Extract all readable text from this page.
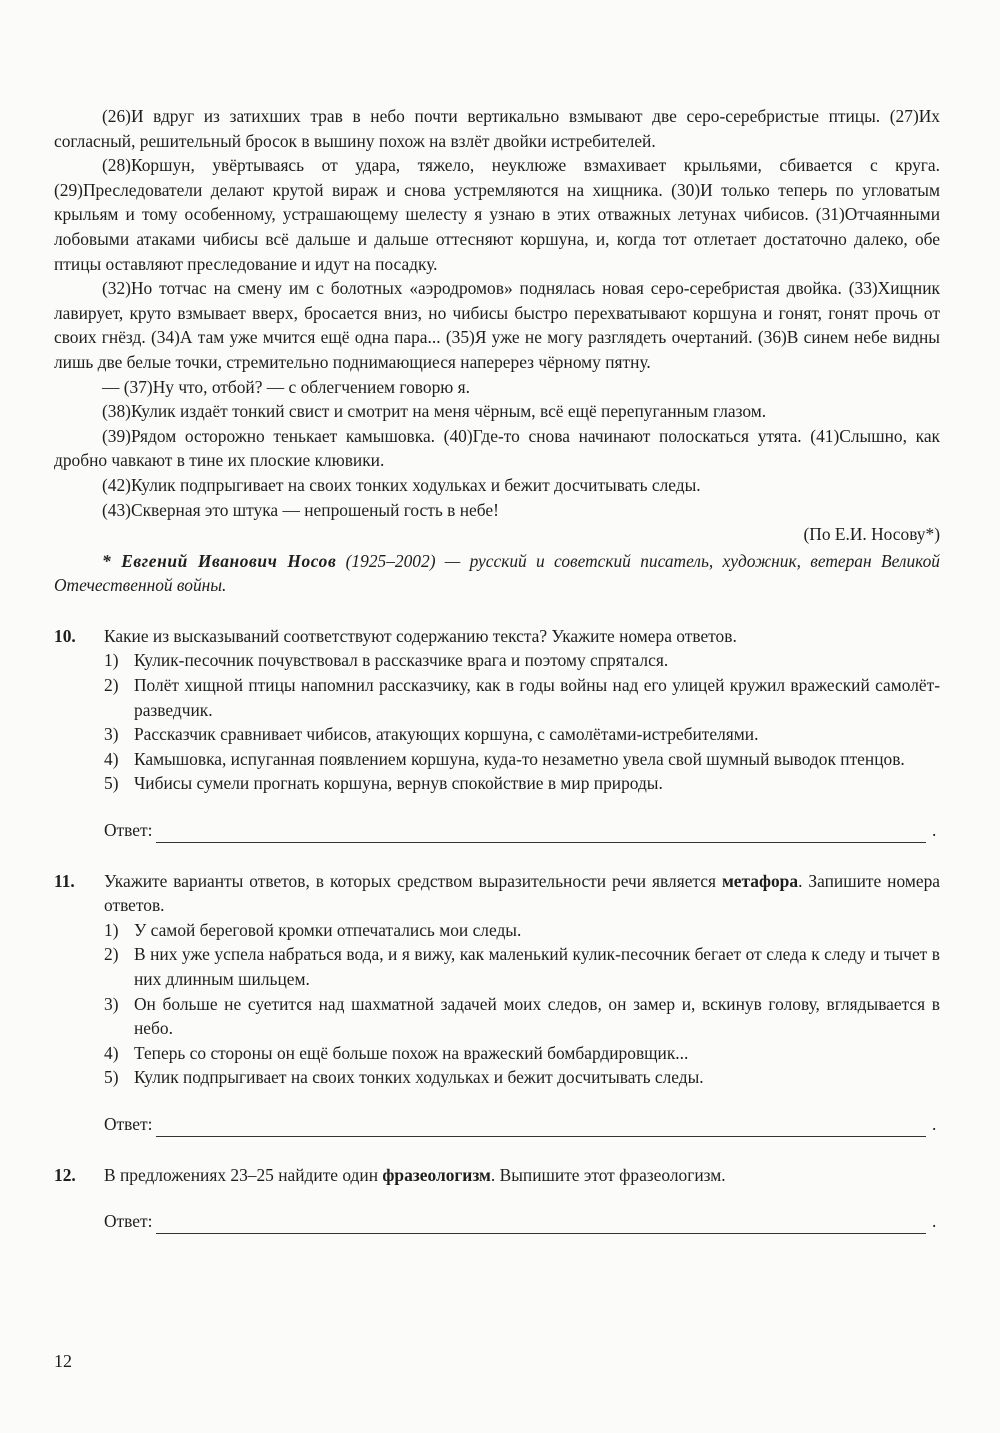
(26)И вдруг из затихших трав в небо почти вертикально взмывают две серо-серебристые птицы. (27)Их согласный, решительный бросок в вышину похож на взлёт двойки истребителей.

(28)Коршун, увёртываясь от удара, тяжело, неуклюже взмахивает крыльями, сбивается с круга. (29)Преследователи делают крутой вираж и снова устремляются на хищника. (30)И только теперь по угловатым крыльям и тому особенному, устрашающему шелесту я узнаю в этих отважных летунах чибисов. (31)Отчаянными лобовыми атаками чибисы всё дальше и дальше оттесняют коршуна, и, когда тот отлетает достаточно далеко, обе птицы оставляют преследование и идут на посадку.

(32)Но тотчас на смену им с болотных «аэродромов» поднялась новая серо-серебристая двойка. (33)Хищник лавирует, круто взмывает вверх, бросается вниз, но чибисы быстро перехватывают коршуна и гонят, гонят прочь от своих гнёзд. (34)А там уже мчится ещё одна пара... (35)Я уже не могу разглядеть очертаний. (36)В синем небе видны лишь две белые точки, стремительно поднимающиеся наперерез чёрному пятну.

— (37)Ну что, отбой? — с облегчением говорю я.

(38)Кулик издаёт тонкий свист и смотрит на меня чёрным, всё ещё перепуганным глазом.

(39)Рядом осторожно тенькает камышовка. (40)Где-то снова начинают полоскаться утята. (41)Слышно, как дробно чавкают в тине их плоские клювики.

(42)Кулик подпрыгивает на своих тонких ходульках и бежит досчитывать следы.

(43)Скверная это штука — непрошеный гость в небе!

(По Е.И. Носову*)

* Евгений Иванович Носов (1925–2002) — русский и советский писатель, художник, ветеран Великой Отечественной войны.

10. Какие из высказываний соответствуют содержанию текста? Укажите номера ответов.

1) Кулик-песочник почувствовал в рассказчике врага и поэтому спрятался.
2) Полёт хищной птицы напомнил рассказчику, как в годы войны над его улицей кружил вражеский самолёт-разведчик.
3) Рассказчик сравнивает чибисов, атакующих коршуна, с самолётами-истребителями.
4) Камышовка, испуганная появлением коршуна, куда-то незаметно увела свой шумный выводок птенцов.
5) Чибисы сумели прогнать коршуна, вернув спокойствие в мир природы.
Ответ:	.
11. Укажите варианты ответов, в которых средством выразительности речи является метафора. Запишите номера ответов.

1) У самой береговой кромки отпечатались мои следы.
2) В них уже успела набраться вода, и я вижу, как маленький кулик-песочник бегает от следа к следу и тычет в них длинным шильцем.
3) Он больше не суетится над шахматной задачей моих следов, он замер и, вскинув голову, вглядывается в небо.
4) Теперь со стороны он ещё больше похож на вражеский бомбардировщик...
5) Кулик подпрыгивает на своих тонких ходульках и бежит досчитывать следы.
Ответ:	.
12. В предложениях 23–25 найдите один фразеологизм. Выпишите этот фразеологизм.

Ответ:	.
12
